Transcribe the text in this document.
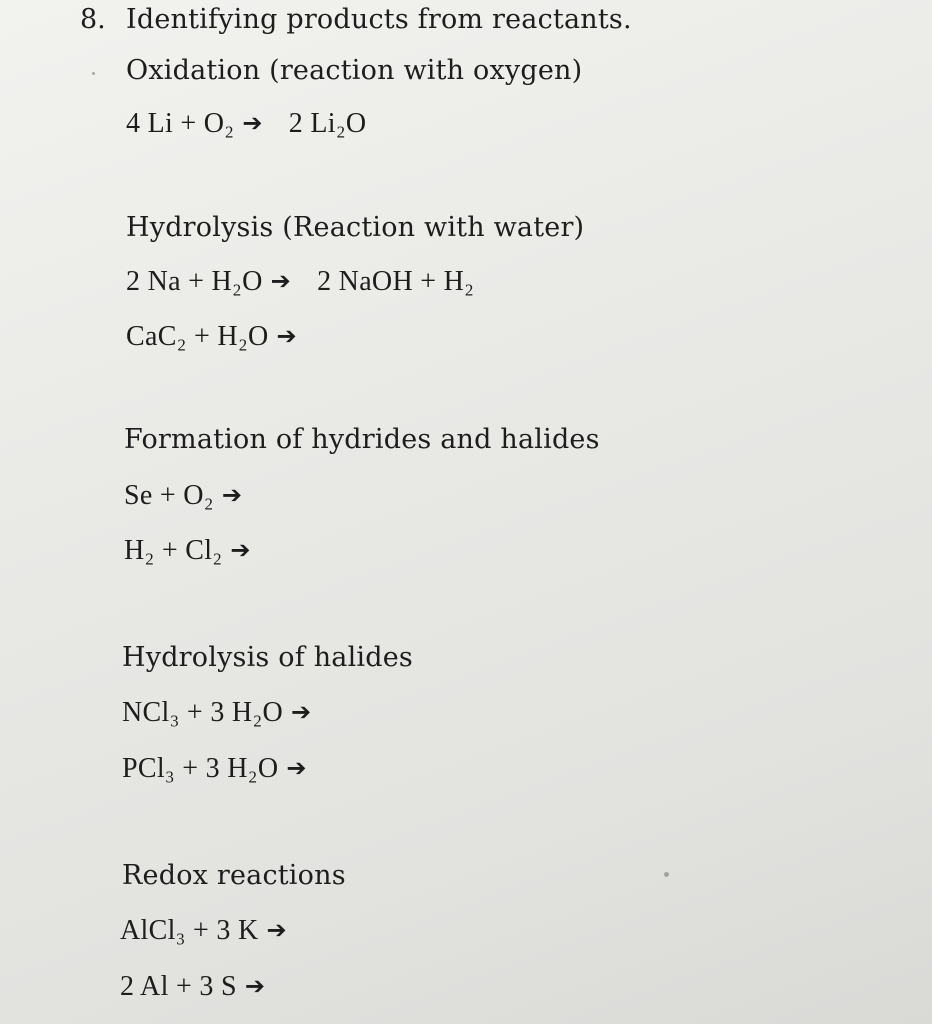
8. Identifying products from reactants.
Oxidation (reaction with oxygen)
4 Li + O₂ ➔ 2 Li₂O
Hydrolysis (Reaction with water)
2 Na + H₂O ➔ 2 NaOH + H₂
CaC₂ + H₂O ➔
Formation of hydrides and halides
Se + O₂ ➔
H₂ + Cl₂ ➔
Hydrolysis of halides
NCl₃ + 3 H₂O ➔
PCl₃ + 3 H₂O ➔
Redox reactions
AlCl₃ + 3 K ➔
2 Al + 3 S ➔
